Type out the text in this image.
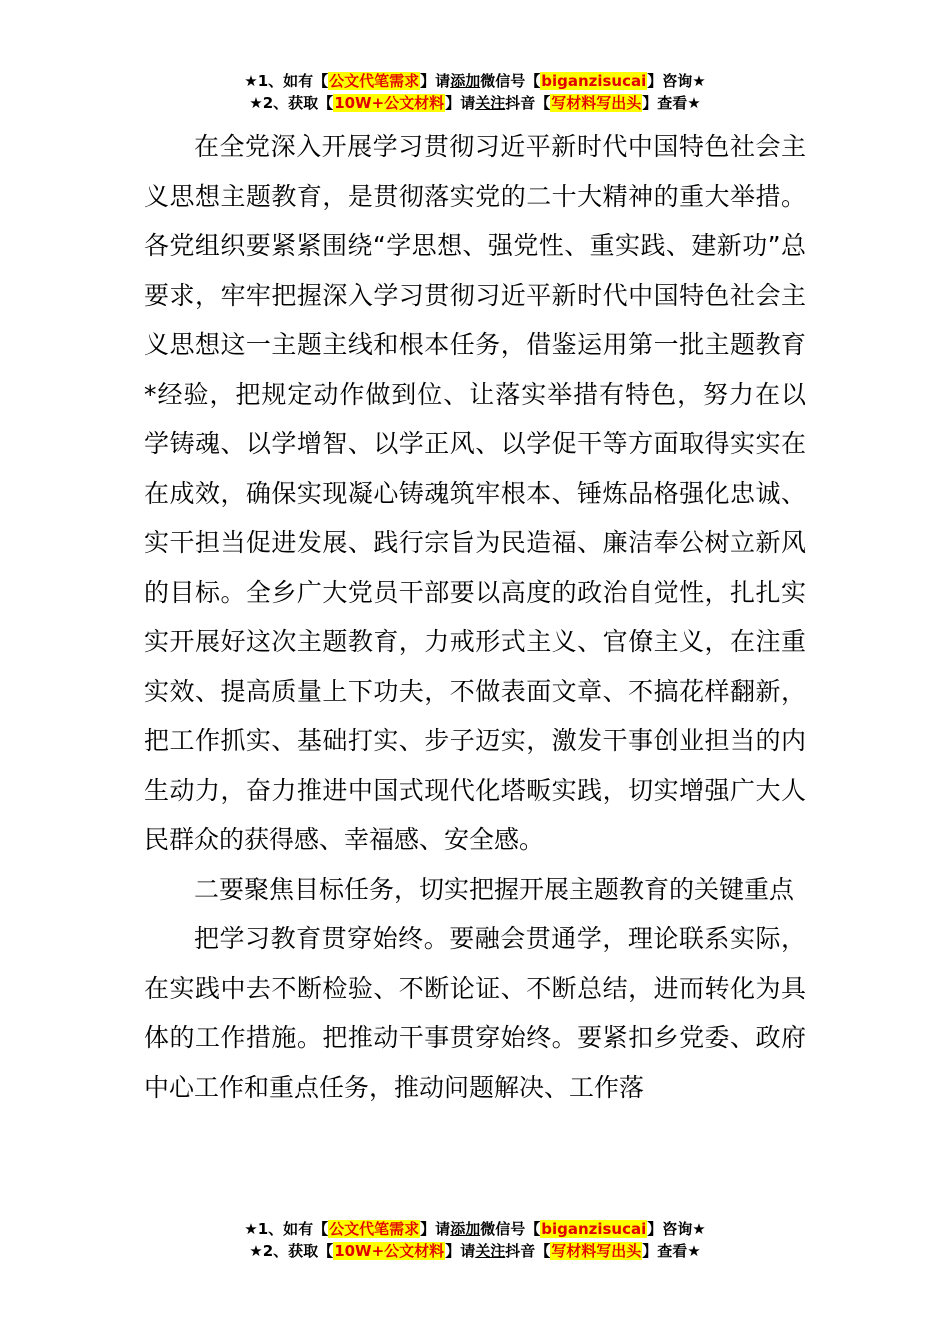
★1、如有【公文代笔需求】请添加微信号【biganzisucai】咨询★
★2、获取【10W+公文材料】请关注抖音【写材料写出头】查看★

在全党深入开展学习贯彻习近平新时代中国特色社会主义思想主题教育，是贯彻落实党的二十大精神的重大举措。各党组织要紧紧围绕“学思想、强党性、重实践、建新功”总要求，牢牢把握深入学习贯彻习近平新时代中国特色社会主义思想这一主题主线和根本任务，借鉴运用第一批主题教育*经验，把规定动作做到位、让落实举措有特色，努力在以学铸魂、以学增智、以学正风、以学促干等方面取得实实在在成效，确保实现凝心铸魂筑牢根本、锤炼品格强化忠诚、实干担当促进发展、践行宗旨为民造福、廉洁奉公树立新风的目标。全乡广大党员干部要以高度的政治自觉性，扎扎实实开展好这次主题教育，力戒形式主义、官僚主义，在注重实效、提高质量上下功夫，不做表面文章、不搞花样翻新，把工作抓实、基础打实、步子迈实，激发干事创业担当的内生动力，奋力推进中国式现代化塔畈实践，切实增强广大人民群众的获得感、幸福感、安全感。

二要聚焦目标任务，切实把握开展主题教育的关键重点

把学习教育贯穿始终。要融会贯通学，理论联系实际，在实践中去不断检验、不断论证、不断总结，进而转化为具体的工作措施。把推动干事贯穿始终。要紧扣乡党委、政府中心工作和重点任务，推动问题解决、工作落

★1、如有【公文代笔需求】请添加微信号【biganzisucai】咨询★
★2、获取【10W+公文材料】请关注抖音【写材料写出头】查看★
